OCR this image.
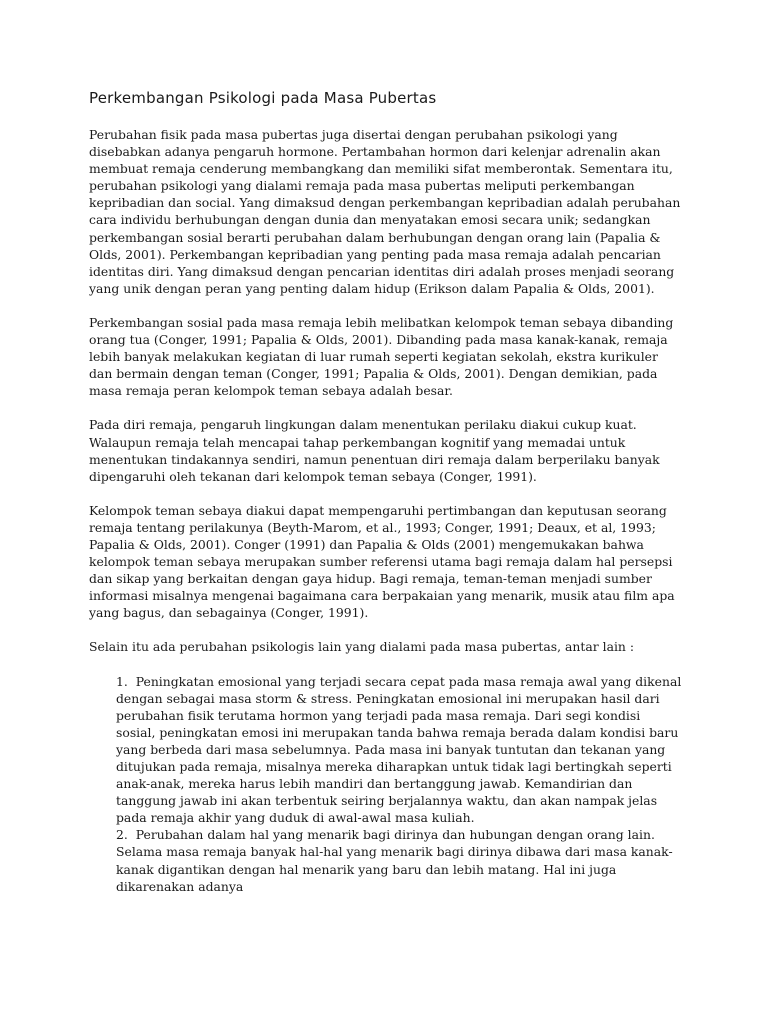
Perkembangan Psikologi pada Masa Pubertas

Perubahan fisik pada masa pubertas juga disertai dengan perubahan psikologi yang disebabkan adanya pengaruh hormone. Pertambahan hormon dari kelenjar adrenalin akan membuat remaja cenderung membangkang dan memiliki sifat memberontak. Sementara itu, perubahan psikologi yang dialami remaja pada masa pubertas meliputi perkembangan kepribadian dan social. Yang dimaksud dengan perkembangan kepribadian adalah perubahan cara individu berhubungan dengan dunia dan menyatakan emosi secara unik; sedangkan perkembangan sosial berarti perubahan dalam berhubungan dengan orang lain (Papalia & Olds, 2001). Perkembangan kepribadian yang penting pada masa remaja adalah pencarian identitas diri. Yang dimaksud dengan pencarian identitas diri adalah proses menjadi seorang yang unik dengan peran yang penting dalam hidup (Erikson dalam Papalia & Olds, 2001).

Perkembangan sosial pada masa remaja lebih melibatkan kelompok teman sebaya dibanding orang tua (Conger, 1991; Papalia & Olds, 2001). Dibanding pada masa kanak-kanak, remaja lebih banyak melakukan kegiatan di luar rumah seperti kegiatan sekolah, ekstra kurikuler dan bermain dengan teman (Conger, 1991; Papalia & Olds, 2001). Dengan demikian, pada masa remaja peran kelompok teman sebaya adalah besar.

Pada diri remaja, pengaruh lingkungan dalam menentukan perilaku diakui cukup kuat. Walaupun remaja telah mencapai tahap perkembangan kognitif yang memadai untuk menentukan tindakannya sendiri, namun penentuan diri remaja dalam berperilaku banyak dipengaruhi oleh tekanan dari kelompok teman sebaya (Conger, 1991).

Kelompok teman sebaya diakui dapat mempengaruhi pertimbangan dan keputusan seorang remaja tentang perilakunya (Beyth-Marom, et al., 1993; Conger, 1991; Deaux, et al, 1993; Papalia & Olds, 2001). Conger (1991) dan Papalia & Olds (2001) mengemukakan bahwa kelompok teman sebaya merupakan sumber referensi utama bagi remaja dalam hal persepsi dan sikap yang berkaitan dengan gaya hidup. Bagi remaja, teman-teman menjadi sumber informasi misalnya mengenai bagaimana cara berpakaian yang menarik, musik atau film apa yang bagus, dan sebagainya (Conger, 1991).

Selain itu ada perubahan psikologis lain yang dialami pada masa pubertas, antar lain :

1. Peningkatan emosional yang terjadi secara cepat pada masa remaja awal yang dikenal dengan sebagai masa storm & stress. Peningkatan emosional ini merupakan hasil dari perubahan fisik terutama hormon yang terjadi pada masa remaja. Dari segi kondisi sosial, peningkatan emosi ini merupakan tanda bahwa remaja berada dalam kondisi baru yang berbeda dari masa sebelumnya. Pada masa ini banyak tuntutan dan tekanan yang ditujukan pada remaja, misalnya mereka diharapkan untuk tidak lagi bertingkah seperti anak-anak, mereka harus lebih mandiri dan bertanggung jawab. Kemandirian dan tanggung jawab ini akan terbentuk seiring berjalannya waktu, dan akan nampak jelas pada remaja akhir yang duduk di awal-awal masa kuliah.
2. Perubahan dalam hal yang menarik bagi dirinya dan hubungan dengan orang lain. Selama masa remaja banyak hal-hal yang menarik bagi dirinya dibawa dari masa kanak-kanak digantikan dengan hal menarik yang baru dan lebih matang. Hal ini juga dikarenakan adanya
